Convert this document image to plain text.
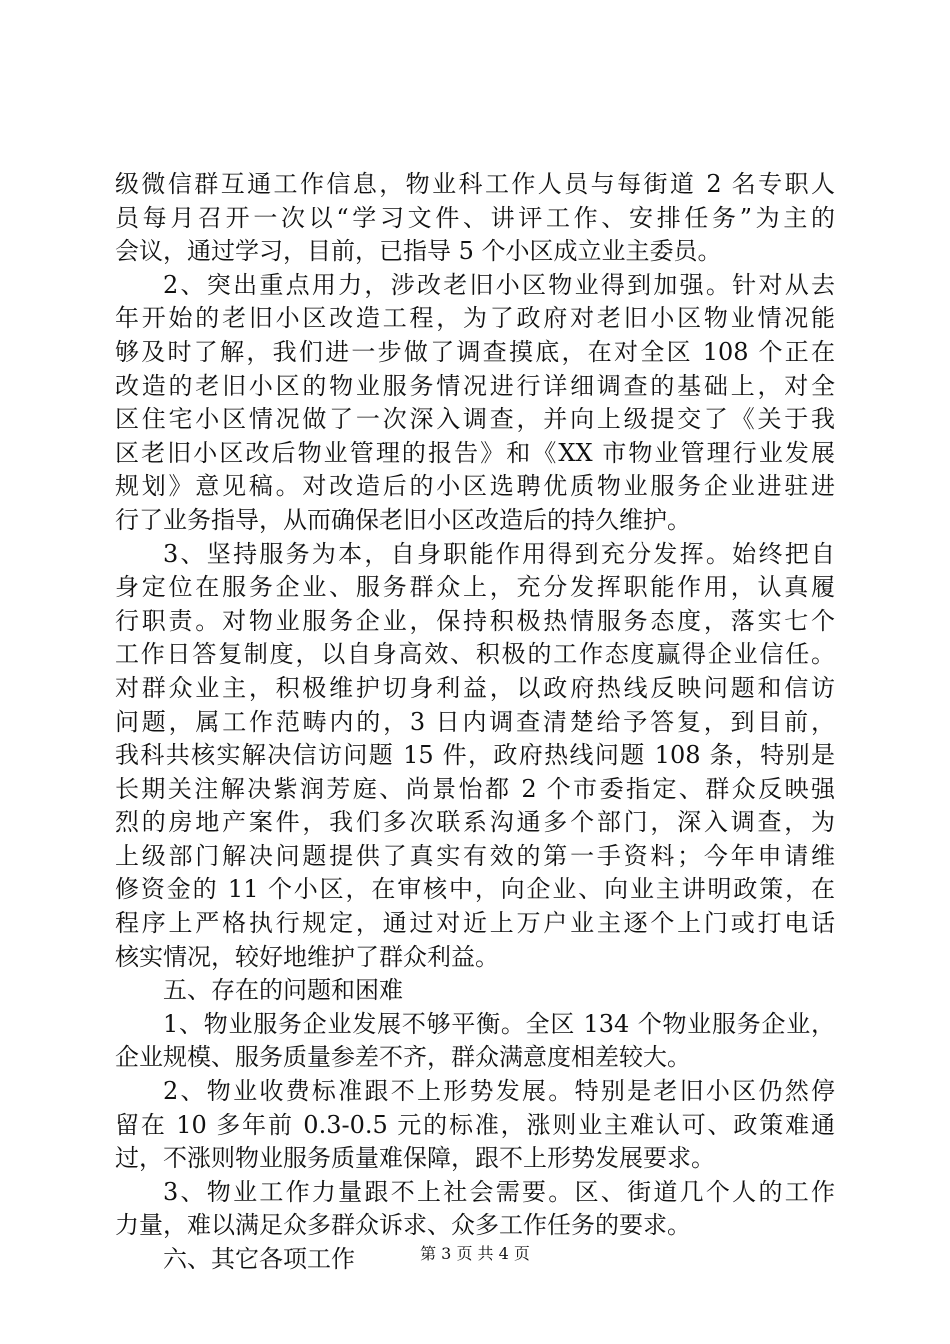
级微信群互通工作信息，物业科工作人员与每街道 2 名专职人
员每月召开一次以“学习文件、讲评工作、安排任务”为主的
会议，通过学习，目前，已指导 5 个小区成立业主委员。
2、突出重点用力，涉改老旧小区物业得到加强。针对从去
年开始的老旧小区改造工程，为了政府对老旧小区物业情况能
够及时了解，我们进一步做了调查摸底，在对全区 108 个正在
改造的老旧小区的物业服务情况进行详细调查的基础上，对全
区住宅小区情况做了一次深入调查，并向上级提交了《关于我
区老旧小区改后物业管理的报告》和《XX 市物业管理行业发展
规划》意见稿。对改造后的小区选聘优质物业服务企业进驻进
行了业务指导，从而确保老旧小区改造后的持久维护。
3、坚持服务为本，自身职能作用得到充分发挥。始终把自
身定位在服务企业、服务群众上，充分发挥职能作用，认真履
行职责。对物业服务企业，保持积极热情服务态度，落实七个
工作日答复制度，以自身高效、积极的工作态度赢得企业信任。
对群众业主，积极维护切身利益，以政府热线反映问题和信访
问题，属工作范畴内的，3 日内调查清楚给予答复，到目前，
我科共核实解决信访问题 15 件，政府热线问题 108 条，特别是
长期关注解决紫润芳庭、尚景怡都 2 个市委指定、群众反映强
烈的房地产案件，我们多次联系沟通多个部门，深入调查，为
上级部门解决问题提供了真实有效的第一手资料；今年申请维
修资金的 11 个小区，在审核中，向企业、向业主讲明政策，在
程序上严格执行规定，通过对近上万户业主逐个上门或打电话
核实情况，较好地维护了群众利益。
五、存在的问题和困难
1、物业服务企业发展不够平衡。全区 134 个物业服务企业，
企业规模、服务质量参差不齐，群众满意度相差较大。
2、物业收费标准跟不上形势发展。特别是老旧小区仍然停
留在 10 多年前 0.3-0.5 元的标准，涨则业主难认可、政策难通
过，不涨则物业服务质量难保障，跟不上形势发展要求。
3、物业工作力量跟不上社会需要。区、街道几个人的工作
力量，难以满足众多群众诉求、众多工作任务的要求。
六、其它各项工作	第 3 页 共 4 页
